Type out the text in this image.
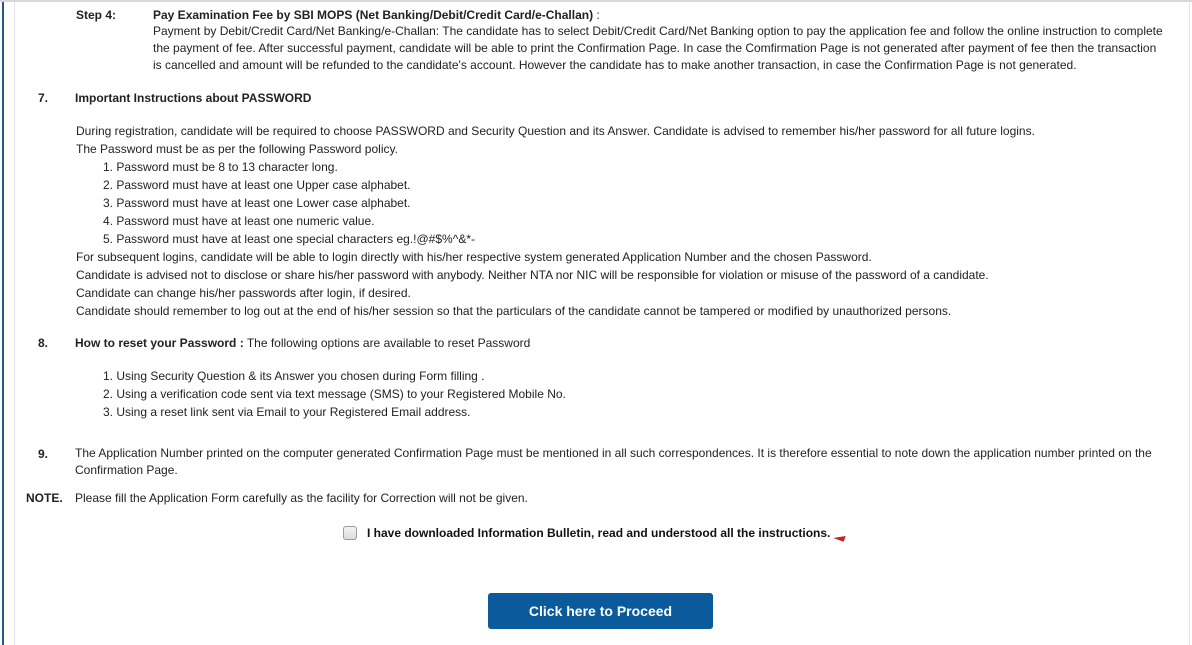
Step 4:	Pay Examination Fee by SBI MOPS (Net Banking/Debit/Credit Card/e-Challan) :
Payment by Debit/Credit Card/Net Banking/e-Challan: The candidate has to select Debit/Credit Card/Net Banking option to pay the application fee and follow the online instruction to complete the payment of fee. After successful payment, candidate will be able to print the Confirmation Page. In case the Comfirmation Page is not generated after payment of fee then the transaction is cancelled and amount will be refunded to the candidate's account. However the candidate has to make another transaction, in case the Confirmation Page is not generated.
7. Important Instructions about PASSWORD
During registration, candidate will be required to choose PASSWORD and Security Question and its Answer. Candidate is advised to remember his/her password for all future logins.
The Password must be as per the following Password policy.
1. Password must be 8 to 13 character long.
2. Password must have at least one Upper case alphabet.
3. Password must have at least one Lower case alphabet.
4. Password must have at least one numeric value.
5. Password must have at least one special characters eg.!@#$%^&*-
For subsequent logins, candidate will be able to login directly with his/her respective system generated Application Number and the chosen Password.
Candidate is advised not to disclose or share his/her password with anybody. Neither NTA nor NIC will be responsible for violation or misuse of the password of a candidate.
Candidate can change his/her passwords after login, if desired.
Candidate should remember to log out at the end of his/her session so that the particulars of the candidate cannot be tampered or modified by unauthorized persons.
8. How to reset your Password : The following options are available to reset Password
1. Using Security Question & its Answer you chosen during Form filling .
2. Using a verification code sent via text message (SMS) to your Registered Mobile No.
3. Using a reset link sent via Email to your Registered Email address.
9. The Application Number printed on the computer generated Confirmation Page must be mentioned in all such correspondences. It is therefore essential to note down the application number printed on the Confirmation Page.
NOTE. Please fill the Application Form carefully as the facility for Correction will not be given.
I have downloaded Information Bulletin, read and understood all the instructions.
Click here to Proceed
